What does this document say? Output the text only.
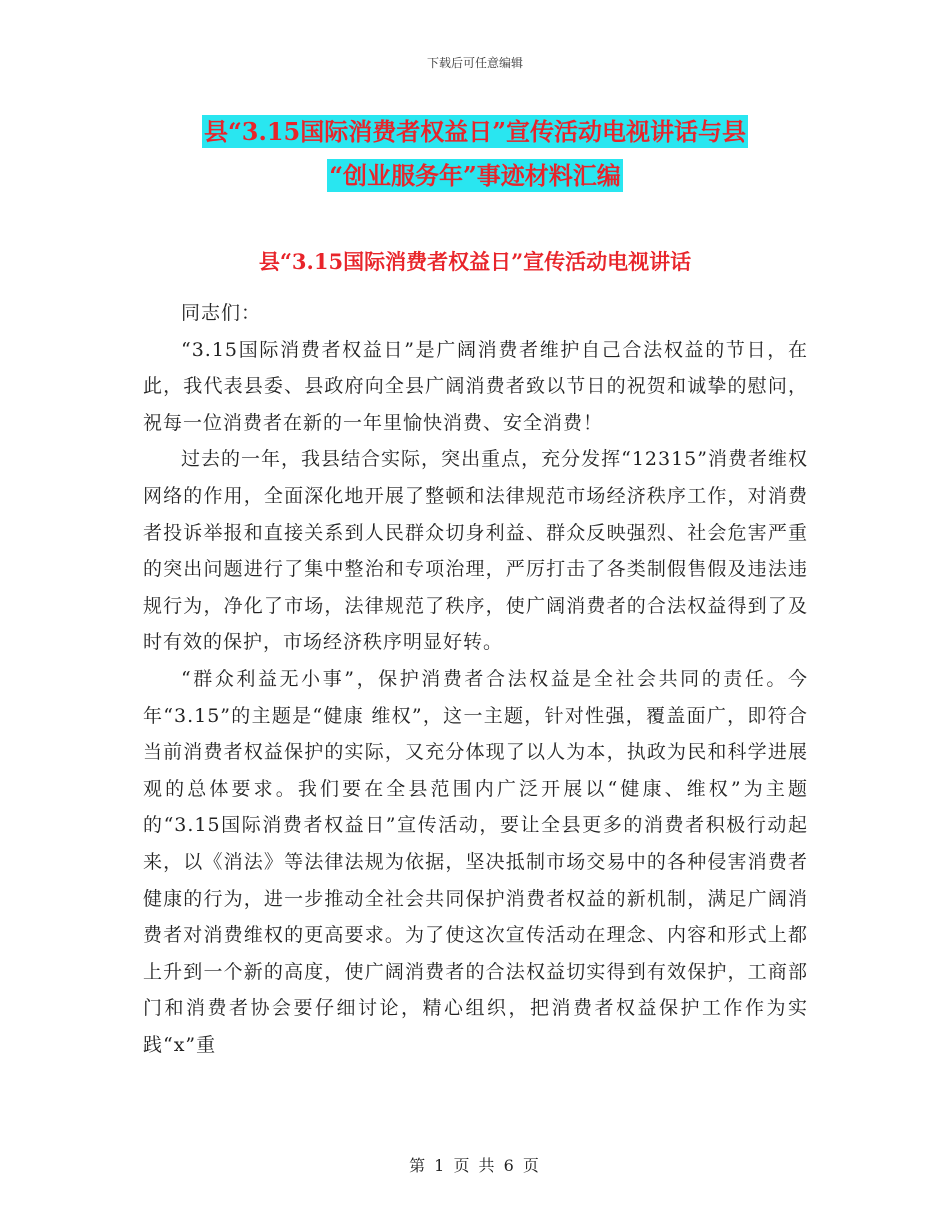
下载后可任意编辑
县“3.15国际消费者权益日”宣传活动电视讲话与县
“创业服务年”事迹材料汇编
县“3.15国际消费者权益日”宣传活动电视讲话

同志们：

“3.15国际消费者权益日”是广阔消费者维护自己合法权益的节日，在此，我代表县委、县政府向全县广阔消费者致以节日的祝贺和诚挚的慰问，祝每一位消费者在新的一年里愉快消费、安全消费！

过去的一年，我县结合实际，突出重点，充分发挥“12315”消费者维权网络的作用，全面深化地开展了整顿和法律规范市场经济秩序工作，对消费者投诉举报和直接关系到人民群众切身利益、群众反映强烈、社会危害严重的突出问题进行了集中整治和专项治理，严厉打击了各类制假售假及违法违规行为，净化了市场，法律规范了秩序，使广阔消费者的合法权益得到了及时有效的保护，市场经济秩序明显好转。

“群众利益无小事”，保护消费者合法权益是全社会共同的责任。今年“3.15”的主题是“健康 维权”，这一主题，针对性强，覆盖面广，即符合当前消费者权益保护的实际，又充分体现了以人为本，执政为民和科学进展观的总体要求。我们要在全县范围内广泛开展以“健康、维权”为主题的“3.15国际消费者权益日”宣传活动，要让全县更多的消费者积极行动起来，以《消法》等法律法规为依据，坚决抵制市场交易中的各种侵害消费者健康的行为，进一步推动全社会共同保护消费者权益的新机制，满足广阔消费者对消费维权的更高要求。为了使这次宣传活动在理念、内容和形式上都上升到一个新的高度，使广阔消费者的合法权益切实得到有效保护，工商部门和消费者协会要仔细讨论，精心组织，把消费者权益保护工作作为实践“x”重

第 1 页 共 6 页
